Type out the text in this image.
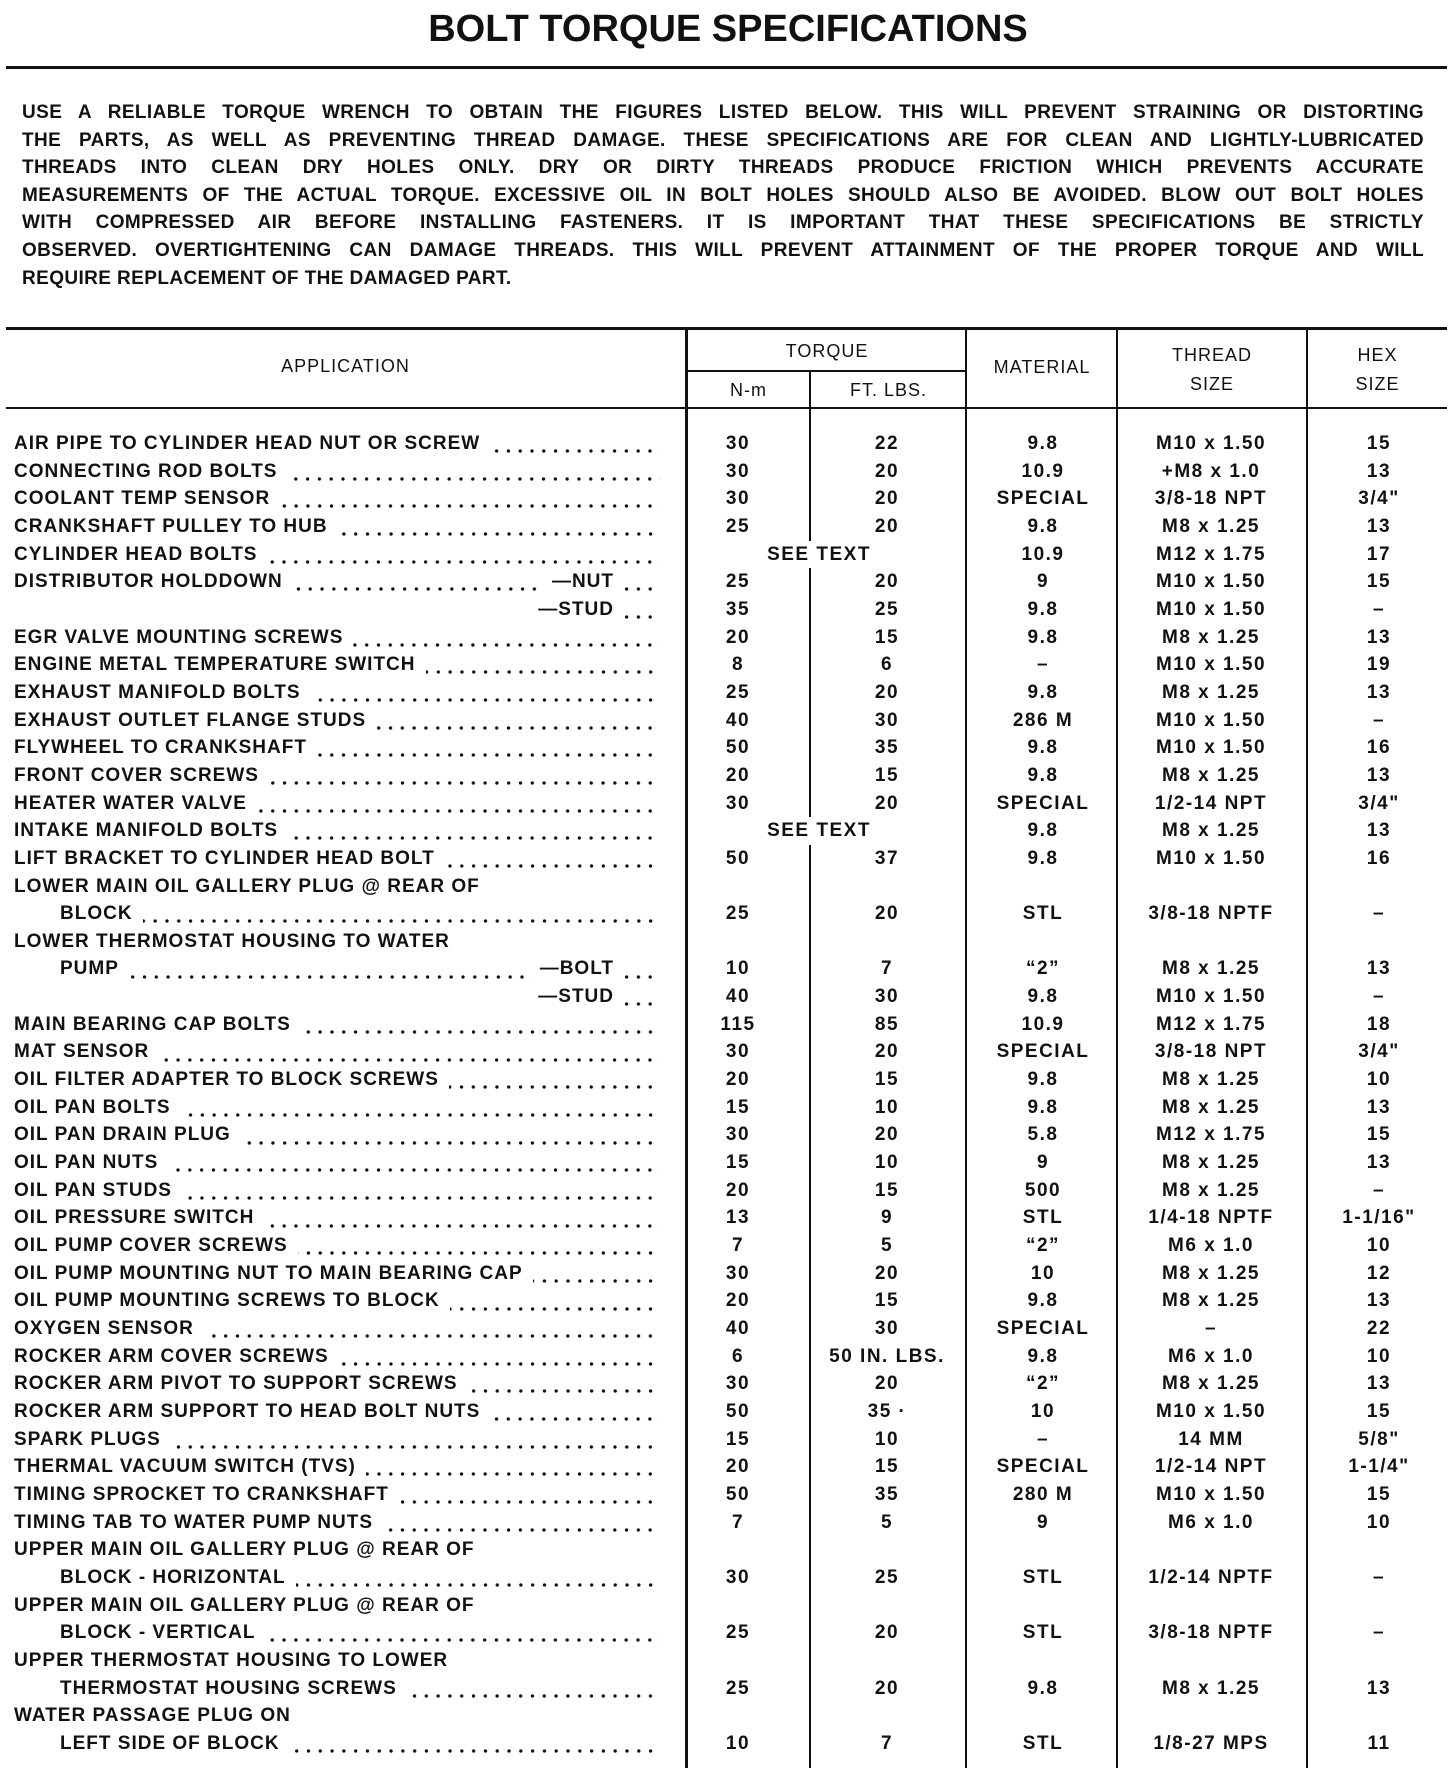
BOLT TORQUE SPECIFICATIONS
USE A RELIABLE TORQUE WRENCH TO OBTAIN THE FIGURES LISTED BELOW. THIS WILL PREVENT STRAINING OR DISTORTING
THE PARTS, AS WELL AS PREVENTING THREAD DAMAGE. THESE SPECIFICATIONS ARE FOR CLEAN AND LIGHTLY-LUBRICATED
THREADS INTO CLEAN DRY HOLES ONLY. DRY OR DIRTY THREADS PRODUCE FRICTION WHICH PREVENTS ACCURATE
MEASUREMENTS OF THE ACTUAL TORQUE. EXCESSIVE OIL IN BOLT HOLES SHOULD ALSO BE AVOIDED. BLOW OUT BOLT HOLES
WITH COMPRESSED AIR BEFORE INSTALLING FASTENERS. IT IS IMPORTANT THAT THESE SPECIFICATIONS BE STRICTLY
OBSERVED. OVERTIGHTENING CAN DAMAGE THREADS. THIS WILL PREVENT ATTAINMENT OF THE PROPER TORQUE AND WILL
REQUIRE REPLACEMENT OF THE DAMAGED PART.
APPLICATION
TORQUE
N-m	FT. LBS.
MATERIAL
THREAD
SIZE
HEX
SIZE
AIR PIPE TO CYLINDER HEAD NUT OR SCREW	30	22	9.8	M10 x 1.50	15
CONNECTING ROD BOLTS	30	20	10.9	+M8 x 1.0	13
COOLANT TEMP SENSOR	30	20	SPECIAL	3/8-18 NPT	3/4"
CRANKSHAFT PULLEY TO HUB	25	20	9.8	M8 x 1.25	13
CYLINDER HEAD BOLTS	SEE TEXT	10.9	M12 x 1.75	17
DISTRIBUTOR HOLDDOWN	—NUT	25	20	9	M10 x 1.50	15
—STUD	35	25	9.8	M10 x 1.50	–
EGR VALVE MOUNTING SCREWS	20	15	9.8	M8 x 1.25	13
ENGINE METAL TEMPERATURE SWITCH	8	6	–	M10 x 1.50	19
EXHAUST MANIFOLD BOLTS	25	20	9.8	M8 x 1.25	13
EXHAUST OUTLET FLANGE STUDS	40	30	286 M	M10 x 1.50	–
FLYWHEEL TO CRANKSHAFT	50	35	9.8	M10 x 1.50	16
FRONT COVER SCREWS	20	15	9.8	M8 x 1.25	13
HEATER WATER VALVE	30	20	SPECIAL	1/2-14 NPT	3/4"
INTAKE MANIFOLD BOLTS	SEE TEXT	9.8	M8 x 1.25	13
LIFT BRACKET TO CYLINDER HEAD BOLT	50	37	9.8	M10 x 1.50	16
LOWER MAIN OIL GALLERY PLUG @ REAR OF
BLOCK	25	20	STL	3/8-18 NPTF	–
LOWER THERMOSTAT HOUSING TO WATER
PUMP	—BOLT	10	7	“2”	M8 x 1.25	13
—STUD	40	30	9.8	M10 x 1.50	–
MAIN BEARING CAP BOLTS	115	85	10.9	M12 x 1.75	18
MAT SENSOR	30	20	SPECIAL	3/8-18 NPT	3/4"
OIL FILTER ADAPTER TO BLOCK SCREWS	20	15	9.8	M8 x 1.25	10
OIL PAN BOLTS	15	10	9.8	M8 x 1.25	13
OIL PAN DRAIN PLUG	30	20	5.8	M12 x 1.75	15
OIL PAN NUTS	15	10	9	M8 x 1.25	13
OIL PAN STUDS	20	15	500	M8 x 1.25	–
OIL PRESSURE SWITCH	13	9	STL	1/4-18 NPTF	1-1/16"
OIL PUMP COVER SCREWS	7	5	“2”	M6 x 1.0	10
OIL PUMP MOUNTING NUT TO MAIN BEARING CAP	30	20	10	M8 x 1.25	12
OIL PUMP MOUNTING SCREWS TO BLOCK	20	15	9.8	M8 x 1.25	13
OXYGEN SENSOR	40	30	SPECIAL	–	22
ROCKER ARM COVER SCREWS	6	50 IN. LBS.	9.8	M6 x 1.0	10
ROCKER ARM PIVOT TO SUPPORT SCREWS	30	20	“2”	M8 x 1.25	13
ROCKER ARM SUPPORT TO HEAD BOLT NUTS	50	35 ·	10	M10 x 1.50	15
SPARK PLUGS	15	10	–	14 MM	5/8"
THERMAL VACUUM SWITCH (TVS)	20	15	SPECIAL	1/2-14 NPT	1-1/4"
TIMING SPROCKET TO CRANKSHAFT	50	35	280 M	M10 x 1.50	15
TIMING TAB TO WATER PUMP NUTS	7	5	9	M6 x 1.0	10
UPPER MAIN OIL GALLERY PLUG @ REAR OF
BLOCK - HORIZONTAL	30	25	STL	1/2-14 NPTF	–
UPPER MAIN OIL GALLERY PLUG @ REAR OF
BLOCK - VERTICAL	25	20	STL	3/8-18 NPTF	–
UPPER THERMOSTAT HOUSING TO LOWER
THERMOSTAT HOUSING SCREWS	25	20	9.8	M8 x 1.25	13
WATER PASSAGE PLUG ON
LEFT SIDE OF BLOCK	10	7	STL	1/8-27 MPS	11
